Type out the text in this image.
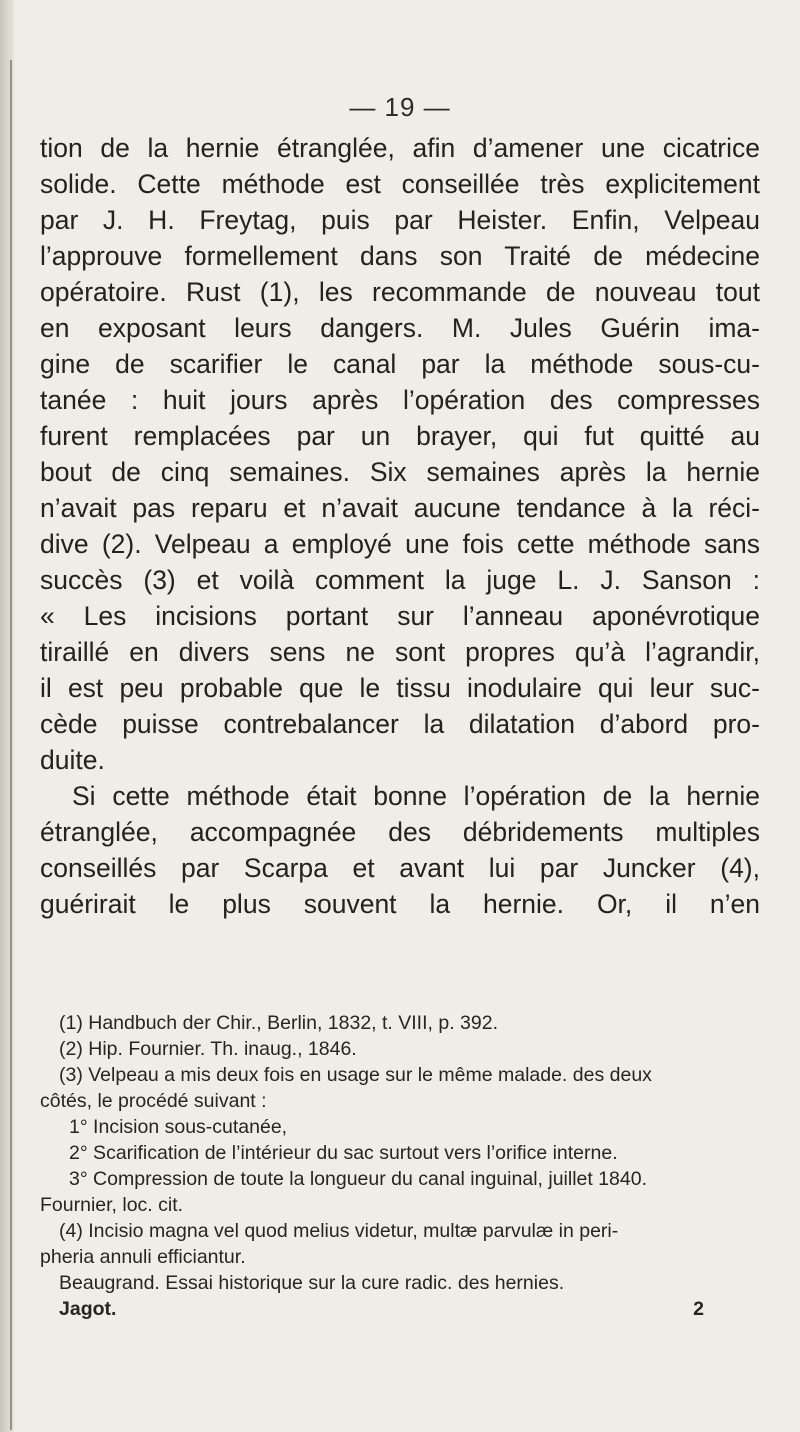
— 19 —
tion de la hernie étranglée, afin d’amener une cicatrice
solide. Cette méthode est conseillée très explicitement
par J. H. Freytag, puis par Heister. Enfin, Velpeau
l’approuve formellement dans son Traité de médecine
opératoire. Rust (1), les recommande de nouveau tout
en exposant leurs dangers. M. Jules Guérin ima-
gine de scarifier le canal par la méthode sous-cu-
tanée : huit jours après l’opération des compresses
furent remplacées par un brayer, qui fut quitté au
bout de cinq semaines. Six semaines après la hernie
n’avait pas reparu et n’avait aucune tendance à la réci-
dive (2). Velpeau a employé une fois cette méthode sans
succès (3) et voilà comment la juge L. J. Sanson :
« Les incisions portant sur l’anneau aponévrotique
tiraillé en divers sens ne sont propres qu’à l’agrandir,
il est peu probable que le tissu inodulaire qui leur suc-
cède puisse contrebalancer la dilatation d’abord pro-
duite.
Si cette méthode était bonne l’opération de la hernie
étranglée, accompagnée des débridements multiples
conseillés par Scarpa et avant lui par Juncker (4),
guérirait le plus souvent la hernie. Or, il n’en
(1) Handbuch der Chir., Berlin, 1832, t. VIII, p. 392.
(2) Hip. Fournier. Th. inaug., 1846.
(3) Velpeau a mis deux fois en usage sur le même malade. des deux
côtés, le procédé suivant :
1° Incision sous-cutanée,
2° Scarification de l’intérieur du sac surtout vers l’orifice interne.
3° Compression de toute la longueur du canal inguinal, juillet 1840.
Fournier, loc. cit.
(4) Incisio magna vel quod melius videtur, multæ parvulæ in peri-
pheria annuli efficiantur.
Beaugrand. Essai historique sur la cure radic. des hernies.
Jagot.	2
